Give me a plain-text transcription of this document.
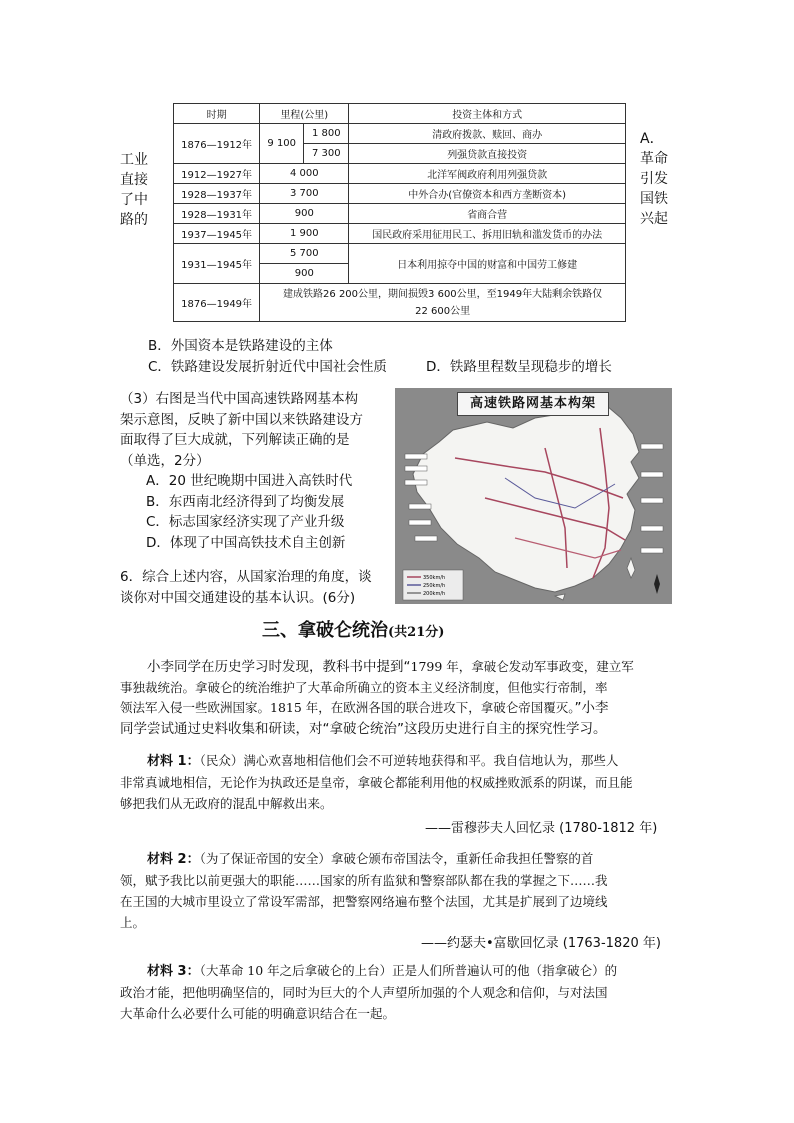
时期	里程(公里)		投资主体和方式
1876—1912年	9 100	1 800	清政府拨款、赎回、商办
		7 300	列强贷款直接投资
1912—1927年	4 000		北洋军阀政府利用列强贷款
1928—1937年	3 700		中外合办(官僚资本和西方垄断资本)
1928—1931年	900		省商合营
1937—1945年	1 900		国民政府采用征用民工、拆用旧轨和滥发货币的办法
1931—1945年	5 700		日本利用掠夺中国的财富和中国劳工修建
	900		
1876—1949年	建成铁路26 200公里，期间损毁3 600公里，至1949年大陆剩余铁路仅
22 600公里		
工业
直接
了中
路的
A．
革命
引发
国铁
兴起
B．外国资本是铁路建设的主体
C．铁路建设发展折射近代中国社会性质	D．铁路里程数呈现稳步的增长
（3）右图是当代中国高速铁路网基本构
架示意图，反映了新中国以来铁路建设方
面取得了巨大成就，下列解读正确的是
（单选，2分）
A．20 世纪晚期中国进入高铁时代
B．东西南北经济得到了均衡发展
C．标志国家经济实现了产业升级
D．体现了中国高铁技术自主创新
6．综合上述内容，从国家治理的角度，谈
谈你对中国交通建设的基本认识。(6分)
350km/h
250km/h
200km/h
高速铁路网基本构架
三、拿破仑统治(共21分)
小李同学在历史学习时发现，教科书中提到“1799 年，拿破仑发动军事政变，建立军
事独裁统治。拿破仑的统治维护了大革命所确立的资本主义经济制度，但他实行帝制，率
领法军入侵一些欧洲国家。1815 年，在欧洲各国的联合进攻下，拿破仑帝国覆灭。”小李
同学尝试通过史料收集和研读，对“拿破仑统治”这段历史进行自主的探究性学习。
材料 1：（民众）满心欢喜地相信他们会不可逆转地获得和平。我自信地认为，那些人
非常真诚地相信，无论作为执政还是皇帝，拿破仑都能利用他的权威挫败派系的阴谋，而且能
够把我们从无政府的混乱中解救出来。
——雷穆莎夫人回忆录 (1780-1812 年)
材料 2：（为了保证帝国的安全）拿破仑颁布帝国法令，重新任命我担任警察的首
领，赋予我比以前更强大的职能……国家的所有监狱和警察部队都在我的掌握之下……我
在王国的大城市里设立了常设军需部，把警察网络遍布整个法国，尤其是扩展到了边境线
上。
——约瑟夫•富歇回忆录 (1763-1820 年)
材料 3：（大革命 10 年之后拿破仑的上台）正是人们所普遍认可的他（指拿破仑）的
政治才能，把他明确坚信的，同时为巨大的个人声望所加强的个人观念和信仰，与对法国
大革命什么必要什么可能的明确意识结合在一起。
